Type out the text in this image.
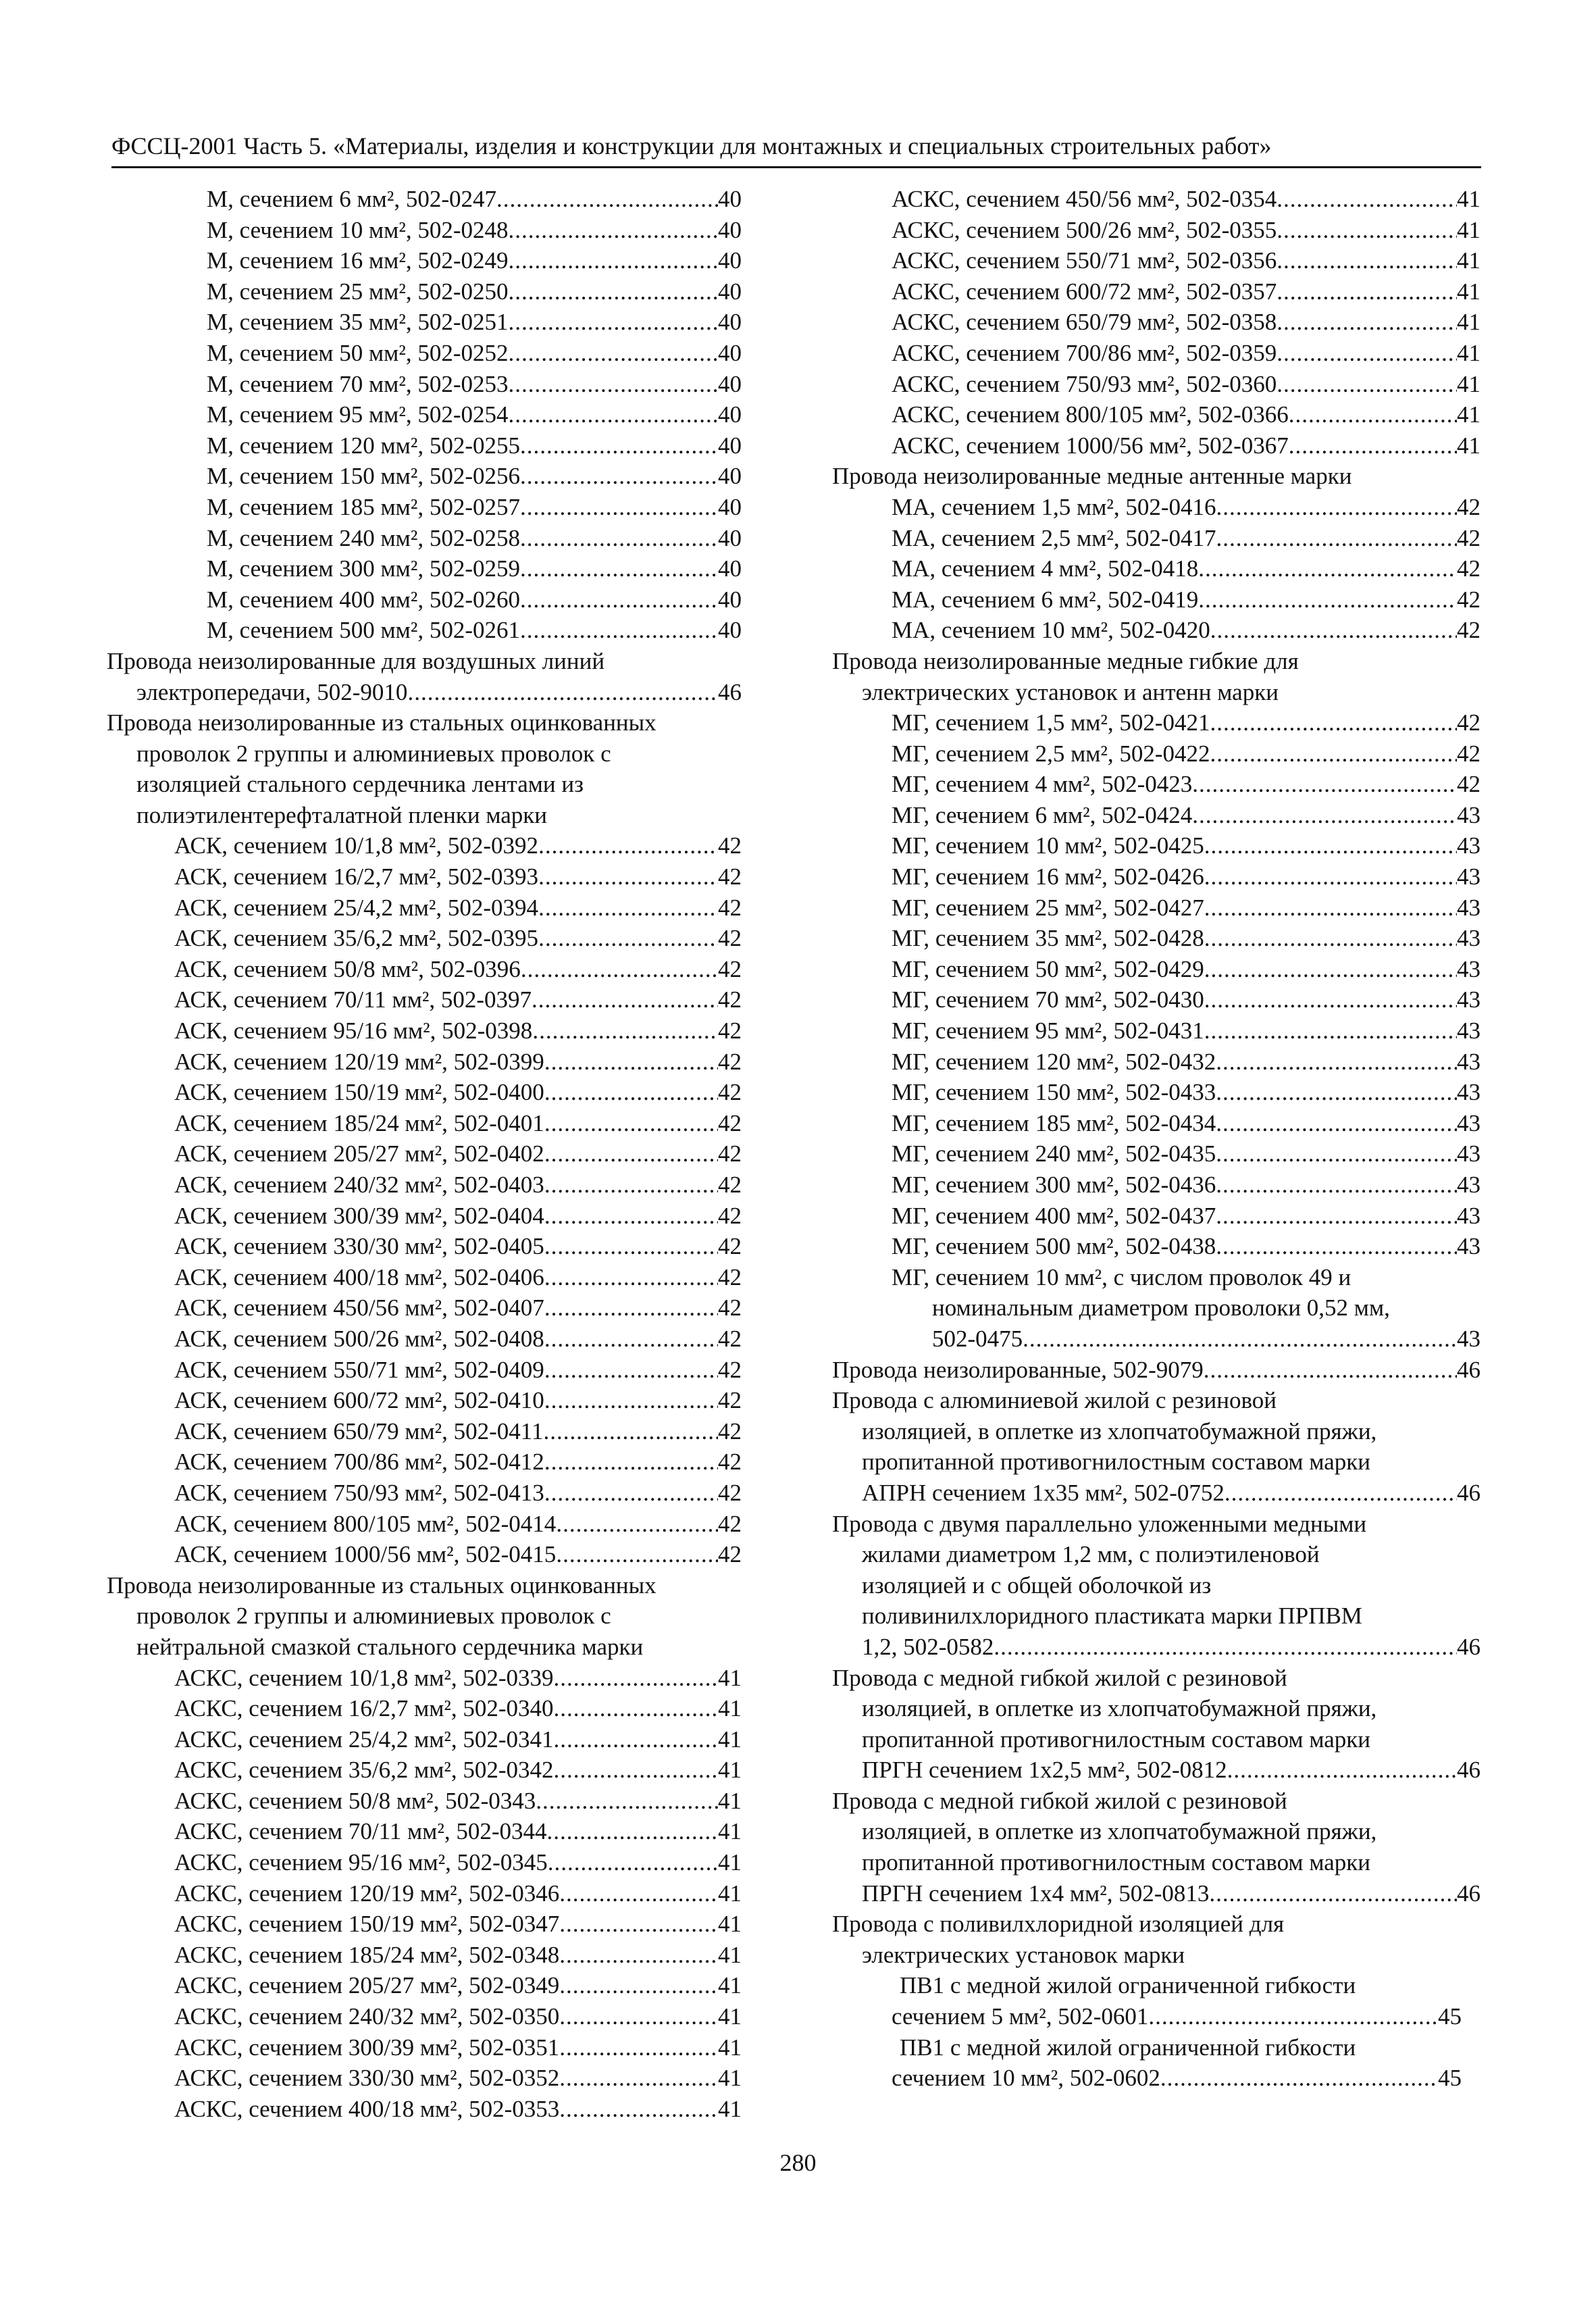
ФССЦ-2001 Часть 5. «Материалы, изделия и конструкции для монтажных и специальных строительных работ»
М, сечением 6 мм², 502-0247 .....	40
М, сечением 10 мм², 502-0248 .....	40
М, сечением 16 мм², 502-0249 .....	40
М, сечением 25 мм², 502-0250 .....	40
М, сечением 35 мм², 502-0251 .....	40
М, сечением 50 мм², 502-0252 .....	40
М, сечением 70 мм², 502-0253 .....	40
М, сечением 95 мм², 502-0254 .....	40
М, сечением 120 мм², 502-0255 .....	40
М, сечением 150 мм², 502-0256 .....	40
М, сечением 185 мм², 502-0257 .....	40
М, сечением 240 мм², 502-0258 .....	40
М, сечением 300 мм², 502-0259 .....	40
М, сечением 400 мм², 502-0260 .....	40
М, сечением 500 мм², 502-0261 .....	40
Провода неизолированные для воздушных линий
электропередачи, 502-9010 .....	46
Провода неизолированные из стальных оцинкованных
проволок 2 группы и алюминиевых проволок с
изоляцией стального сердечника лентами из
полиэтилентерефталатной пленки марки
АСК, сечением 10/1,8 мм², 502-0392 .....	42
АСК, сечением 16/2,7 мм², 502-0393 .....	42
АСК, сечением 25/4,2 мм², 502-0394 .....	42
АСК, сечением 35/6,2 мм², 502-0395 .....	42
АСК, сечением 50/8 мм², 502-0396 .....	42
АСК, сечением 70/11 мм², 502-0397 .....	42
АСК, сечением 95/16 мм², 502-0398 .....	42
АСК, сечением 120/19 мм², 502-0399 .....	42
АСК, сечением 150/19 мм², 502-0400 .....	42
АСК, сечением 185/24 мм², 502-0401 .....	42
АСК, сечением 205/27 мм², 502-0402 .....	42
АСК, сечением 240/32 мм², 502-0403 .....	42
АСК, сечением 300/39 мм², 502-0404 .....	42
АСК, сечением 330/30 мм², 502-0405 .....	42
АСК, сечением 400/18 мм², 502-0406 .....	42
АСК, сечением 450/56 мм², 502-0407 .....	42
АСК, сечением 500/26 мм², 502-0408 .....	42
АСК, сечением 550/71 мм², 502-0409 .....	42
АСК, сечением 600/72 мм², 502-0410 .....	42
АСК, сечением 650/79 мм², 502-0411 .....	42
АСК, сечением 700/86 мм², 502-0412 .....	42
АСК, сечением 750/93 мм², 502-0413 .....	42
АСК, сечением 800/105 мм², 502-0414 .....	42
АСК, сечением 1000/56 мм², 502-0415 .....	42
Провода неизолированные из стальных оцинкованных
проволок 2 группы и алюминиевых проволок с
нейтральной смазкой стального сердечника марки
АСКС, сечением 10/1,8 мм², 502-0339 .....	41
АСКС, сечением 16/2,7 мм², 502-0340 .....	41
АСКС, сечением 25/4,2 мм², 502-0341 .....	41
АСКС, сечением 35/6,2 мм², 502-0342 .....	41
АСКС, сечением 50/8 мм², 502-0343 .....	41
АСКС, сечением 70/11 мм², 502-0344 .....	41
АСКС, сечением 95/16 мм², 502-0345 .....	41
АСКС, сечением 120/19 мм², 502-0346 .....	41
АСКС, сечением 150/19 мм², 502-0347 .....	41
АСКС, сечением 185/24 мм², 502-0348 .....	41
АСКС, сечением 205/27 мм², 502-0349 .....	41
АСКС, сечением 240/32 мм², 502-0350 .....	41
АСКС, сечением 300/39 мм², 502-0351 .....	41
АСКС, сечением 330/30 мм², 502-0352 .....	41
АСКС, сечением 400/18 мм², 502-0353 .....	41
АСКС, сечением 450/56 мм², 502-0354 .....	41
АСКС, сечением 500/26 мм², 502-0355 .....	41
АСКС, сечением 550/71 мм², 502-0356 .....	41
АСКС, сечением 600/72 мм², 502-0357 .....	41
АСКС, сечением 650/79 мм², 502-0358 .....	41
АСКС, сечением 700/86 мм², 502-0359 .....	41
АСКС, сечением 750/93 мм², 502-0360 .....	41
АСКС, сечением 800/105 мм², 502-0366 .....	41
АСКС, сечением 1000/56 мм², 502-0367 .....	41
Провода неизолированные медные антенные марки
МА, сечением 1,5 мм², 502-0416 .....	42
МА, сечением 2,5 мм², 502-0417 .....	42
МА, сечением 4 мм², 502-0418 .....	42
МА, сечением 6 мм², 502-0419 .....	42
МА, сечением 10 мм², 502-0420 .....	42
Провода неизолированные медные гибкие для
электрических установок и антенн марки
МГ, сечением 1,5 мм², 502-0421 .....	42
МГ, сечением 2,5 мм², 502-0422 .....	42
МГ, сечением 4 мм², 502-0423 .....	42
МГ, сечением 6 мм², 502-0424 .....	43
МГ, сечением 10 мм², 502-0425 .....	43
МГ, сечением 16 мм², 502-0426 .....	43
МГ, сечением 25 мм², 502-0427 .....	43
МГ, сечением 35 мм², 502-0428 .....	43
МГ, сечением 50 мм², 502-0429 .....	43
МГ, сечением 70 мм², 502-0430 .....	43
МГ, сечением 95 мм², 502-0431 .....	43
МГ, сечением 120 мм², 502-0432 .....	43
МГ, сечением 150 мм², 502-0433 .....	43
МГ, сечением 185 мм², 502-0434 .....	43
МГ, сечением 240 мм², 502-0435 .....	43
МГ, сечением 300 мм², 502-0436 .....	43
МГ, сечением 400 мм², 502-0437 .....	43
МГ, сечением 500 мм², 502-0438 .....	43
МГ, сечением 10 мм², с числом проволок 49 и
номинальным диаметром проволоки 0,52 мм,
502-0475 .....	43
Провода неизолированные, 502-9079 .....	46
Провода с алюминиевой жилой с резиновой
изоляцией, в оплетке из хлопчатобумажной пряжи,
пропитанной противогнилостным составом марки
АПРН сечением 1х35 мм², 502-0752 .....	46
Провода с двумя параллельно уложенными медными
жилами диаметром 1,2 мм, с полиэтиленовой
изоляцией и с общей оболочкой из
поливинилхлоридного пластиката марки ПРПВМ
1,2, 502-0582 .....	46
Провода с медной гибкой жилой с резиновой
изоляцией, в оплетке из хлопчатобумажной пряжи,
пропитанной противогнилостным составом марки
ПРГН сечением 1х2,5 мм², 502-0812 .....	46
Провода с медной гибкой жилой с резиновой
изоляцией, в оплетке из хлопчатобумажной пряжи,
пропитанной противогнилостным составом марки
ПРГН сечением 1х4 мм², 502-0813 .....	46
Провода с поливилхлоридной изоляцией для
электрических установок марки
ПВ1 с медной жилой ограниченной гибкости
сечением 5 мм², 502-0601 .....	45
ПВ1 с медной жилой ограниченной гибкости
сечением 10 мм², 502-0602 .....	45
280
